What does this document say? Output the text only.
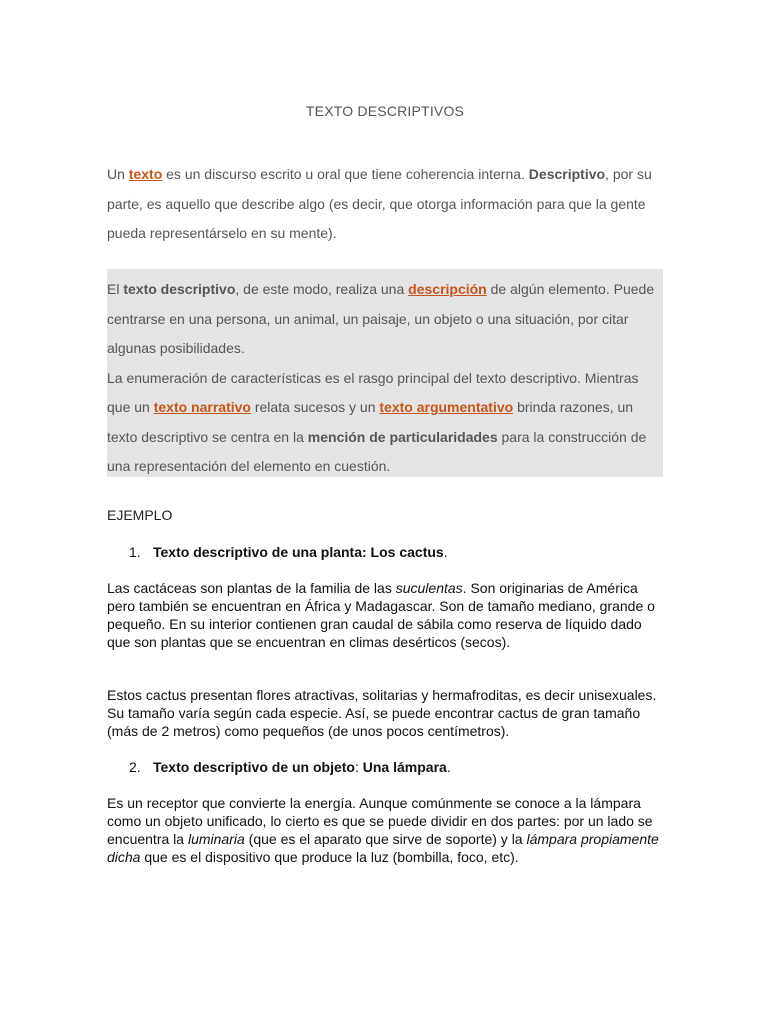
TEXTO DESCRIPTIVOS

Un texto es un discurso escrito u oral que tiene coherencia interna. Descriptivo, por su parte, es aquello que describe algo (es decir, que otorga información para que la gente pueda representárselo en su mente).

El texto descriptivo, de este modo, realiza una descripción de algún elemento. Puede centrarse en una persona, un animal, un paisaje, un objeto o una situación, por citar algunas posibilidades.

La enumeración de características es el rasgo principal del texto descriptivo. Mientras que un texto narrativo relata sucesos y un texto argumentativo brinda razones, un texto descriptivo se centra en la mención de particularidades para la construcción de una representación del elemento en cuestión.

EJEMPLO
1. Texto descriptivo de una planta: Los cactus.

Las cactáceas son plantas de la familia de las suculentas. Son originarias de América pero también se encuentran en África y Madagascar. Son de tamaño mediano, grande o pequeño. En su interior contienen gran caudal de sábila como reserva de líquido dado que son plantas que se encuentran en climas desérticos (secos).

Estos cactus presentan flores atractivas, solitarias y hermafroditas, es decir unisexuales. Su tamaño varía según cada especie. Así, se puede encontrar cactus de gran tamaño (más de 2 metros) como pequeños (de unos pocos centímetros).

2. Texto descriptivo de un objeto: Una lámpara.

Es un receptor que convierte la energía. Aunque comúnmente se conoce a la lámpara como un objeto unificado, lo cierto es que se puede dividir en dos partes: por un lado se encuentra la luminaria (que es el aparato que sirve de soporte) y la lámpara propiamente dicha que es el dispositivo que produce la luz (bombilla, foco, etc).
